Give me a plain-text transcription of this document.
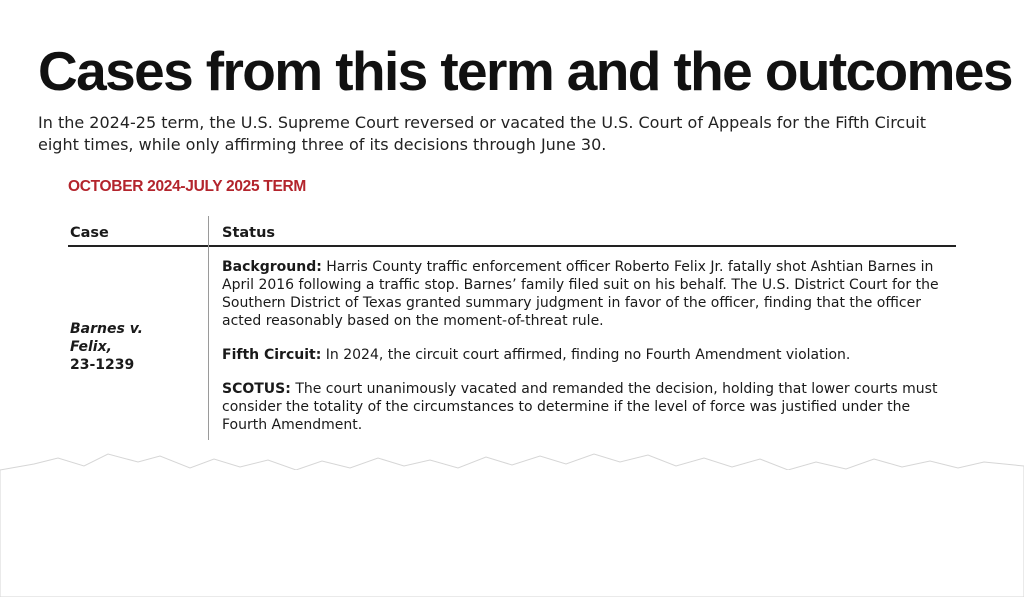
Cases from this term and the outcomes

In the 2024-25 term, the U.S. Supreme Court reversed or vacated the U.S. Court of Appeals for the Fifth Circuit eight times, while only affirming three of its decisions through June 30.

OCTOBER 2024-JULY 2025 TERM
Case	Status
Barnes v.
Felix,
23-1239

Background: Harris County traffic enforcement officer Roberto Felix Jr. fatally shot Ashtian Barnes in April 2016 following a traffic stop. Barnes’ family filed suit on his behalf. The U.S. District Court for the Southern District of Texas granted summary judgment in favor of the officer, finding that the officer acted reasonably based on the moment-of-threat rule.

Fifth Circuit: In 2024, the circuit court affirmed, finding no Fourth Amendment violation.

SCOTUS: The court unanimously vacated and remanded the decision, holding that lower courts must consider the totality of the circumstances to determine if the level of force was justified under the Fourth Amendment.
